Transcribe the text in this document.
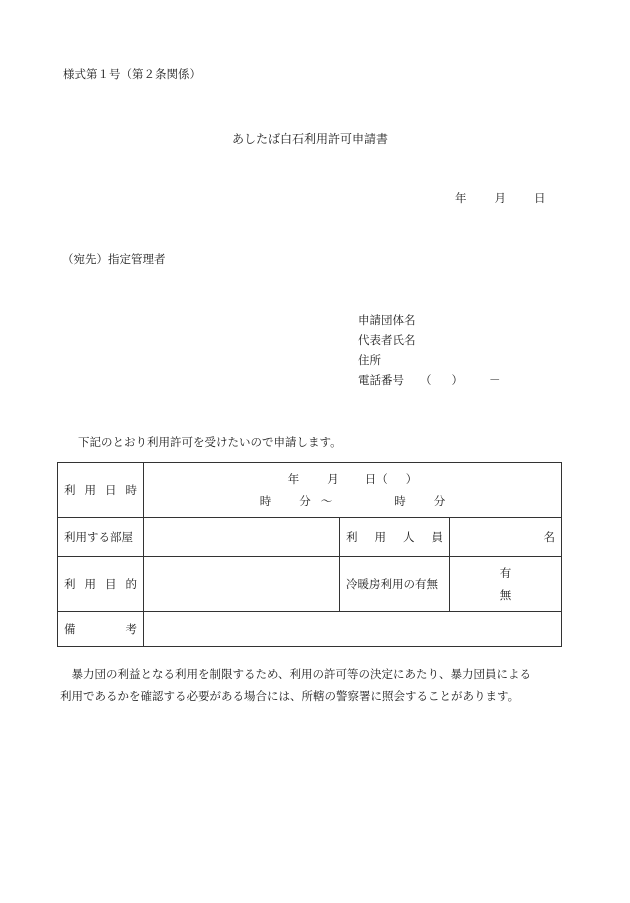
様式第１号（第２条関係）
あしたば白石利用許可申請書
年 月 日
（宛先）指定管理者
申請団体名
代表者氏名
住所
電話番号 （ ） －
下記のとおり利用許可を受けたいので申請します。
利 用 日 時	年 月 日（ ）
時 分 ～ 時 分		

利用する部屋		利 用 人 員	名

利 用 目 的		冷暖房利用の有無	有
無

備 考			

　暴力団の利益となる利用を制限するため、利用の許可等の決定にあたり、暴力団員による
利用であるかを確認する必要がある場合には、所轄の警察署に照会することがあります。
